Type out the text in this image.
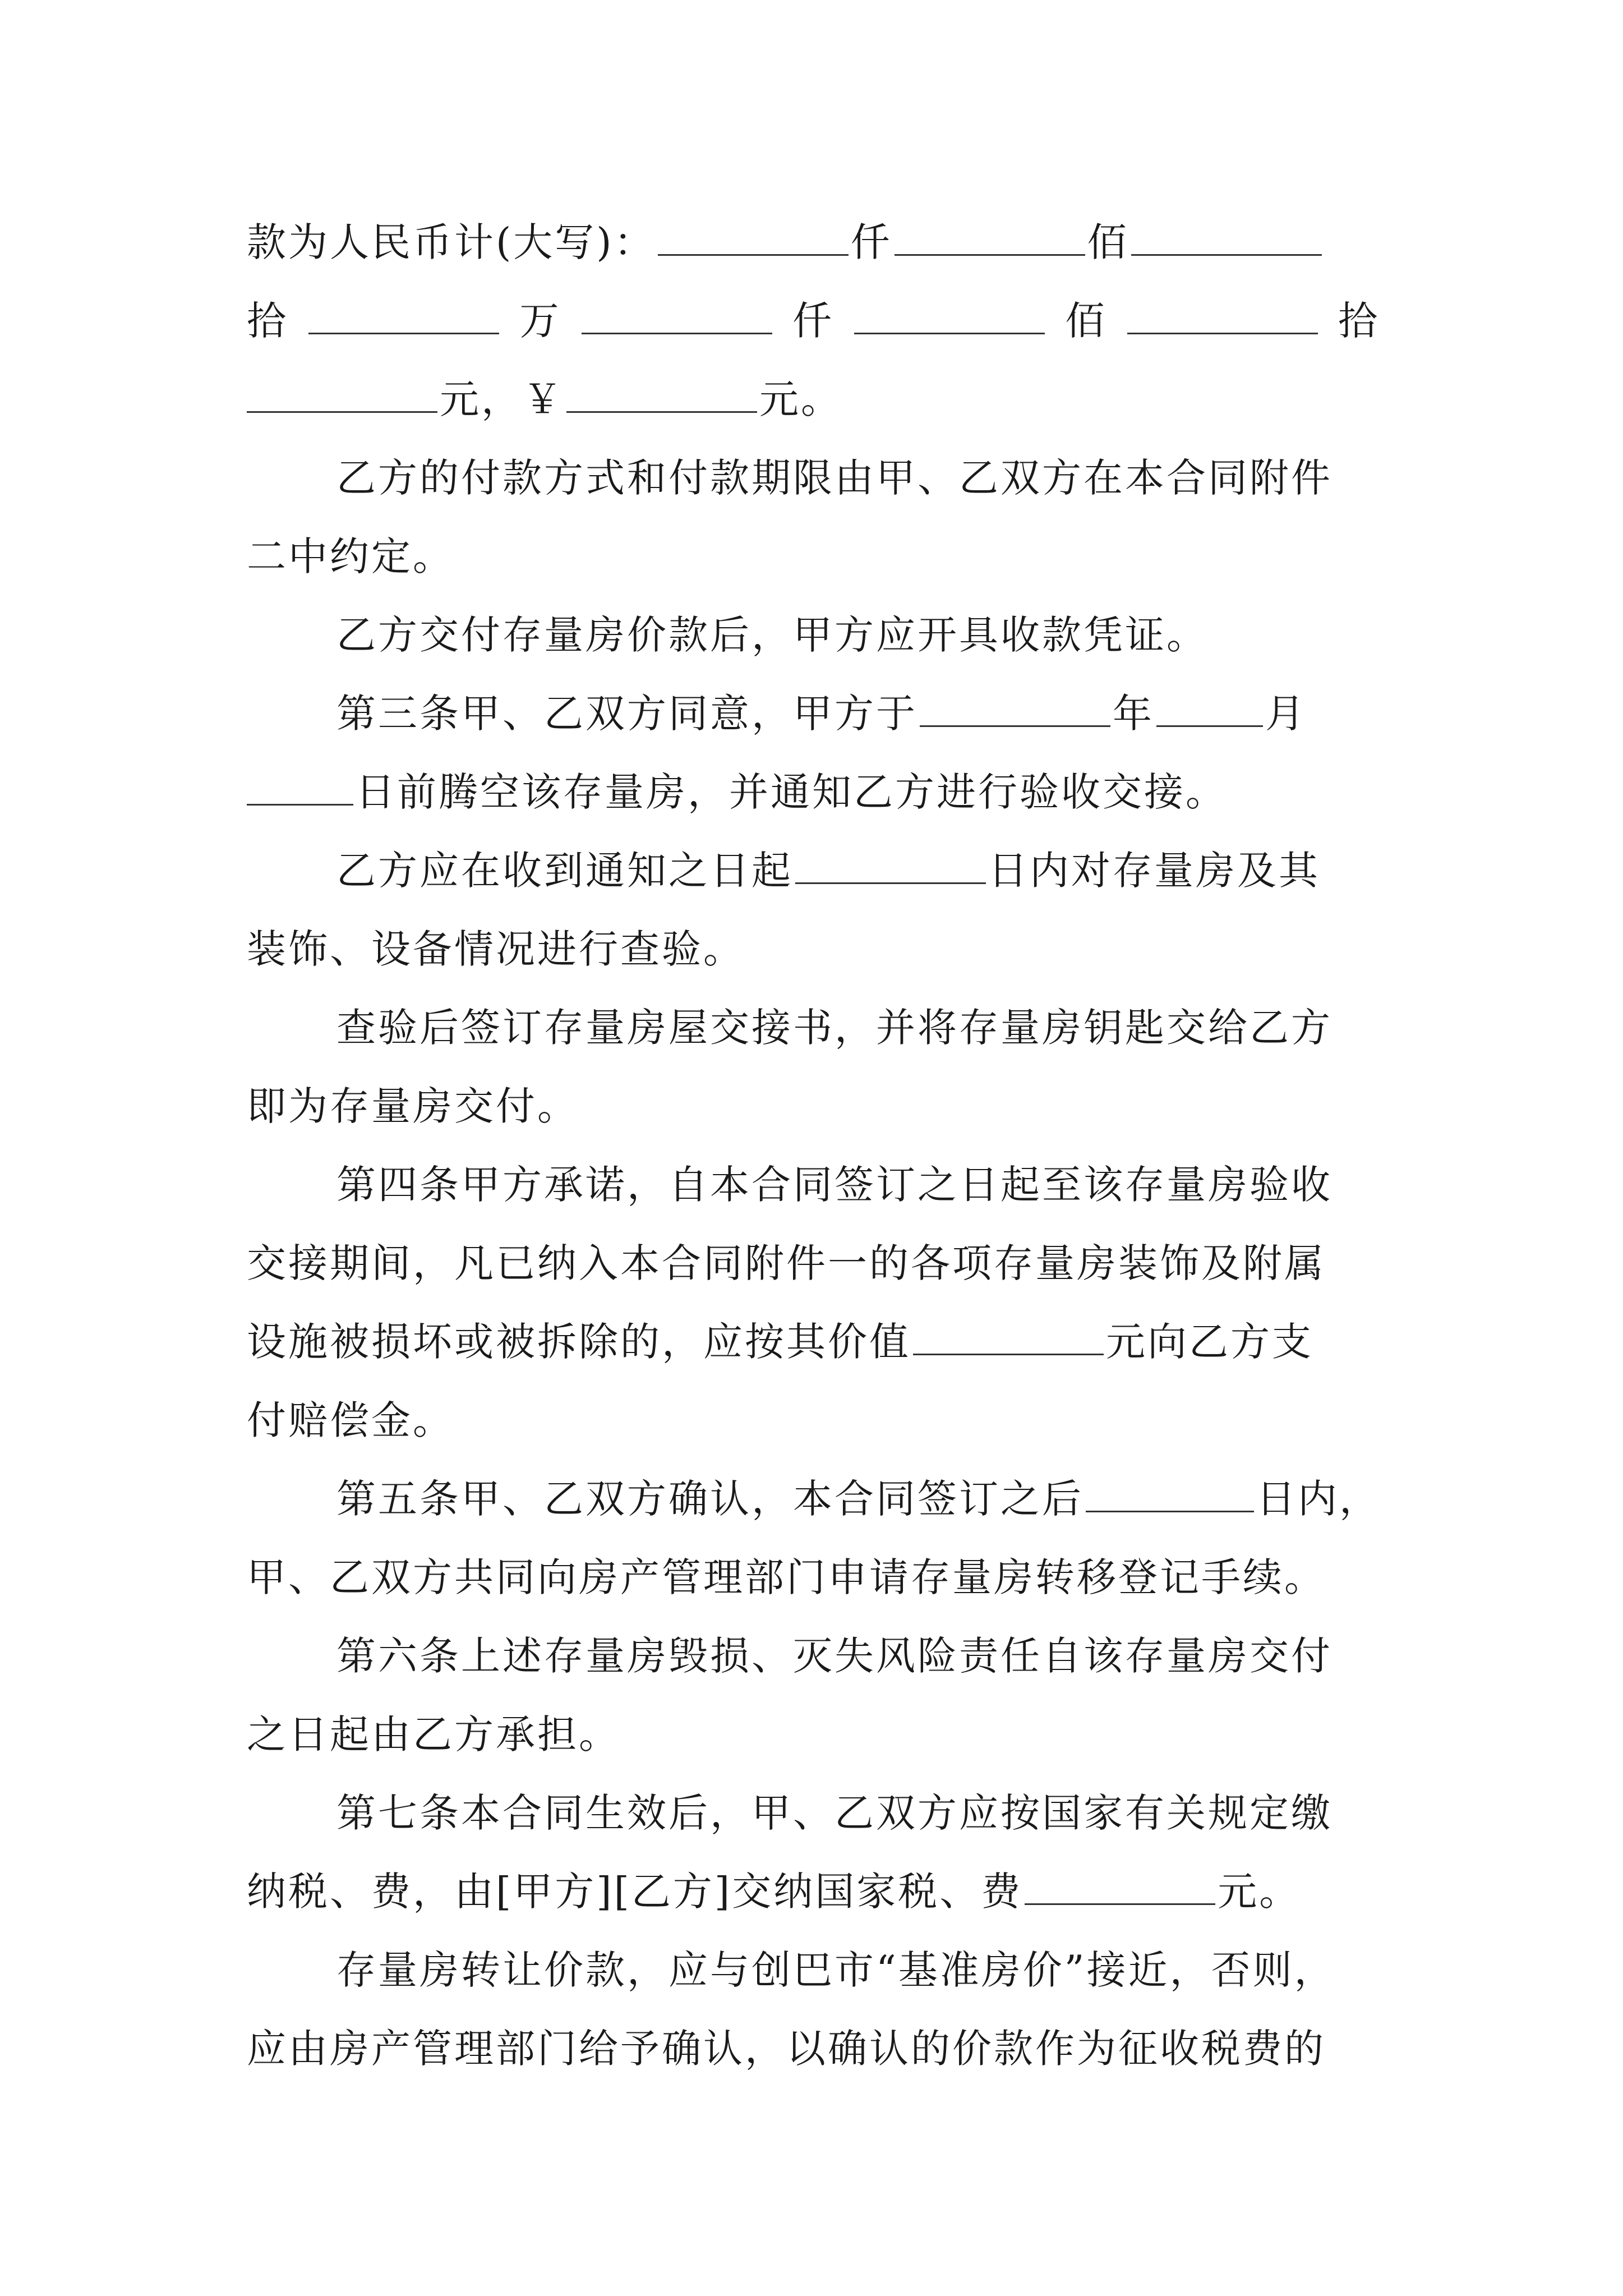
款为人民币计(大写)：	仟	佰
拾	万	仟	佰	拾
元，￥	元。
乙方的付款方式和付款期限由甲、乙双方在本合同附件
二中约定。
乙方交付存量房价款后，甲方应开具收款凭证。
第三条甲、乙双方同意，甲方于	年	月
日前腾空该存量房，并通知乙方进行验收交接。
乙方应在收到通知之日起	日内对存量房及其
装饰、设备情况进行查验。
查验后签订存量房屋交接书，并将存量房钥匙交给乙方
即为存量房交付。
第四条甲方承诺，自本合同签订之日起至该存量房验收
交接期间，凡已纳入本合同附件一的各项存量房装饰及附属
设施被损坏或被拆除的，应按其价值	元向乙方支
付赔偿金。
第五条甲、乙双方确认，本合同签订之后	日内，
甲、乙双方共同向房产管理部门申请存量房转移登记手续。
第六条上述存量房毁损、灭失风险责任自该存量房交付
之日起由乙方承担。
第七条本合同生效后，甲、乙双方应按国家有关规定缴
纳税、费，由[甲方][乙方]交纳国家税、费	元。
存量房转让价款，应与创巴市“基准房价”接近，否则，
应由房产管理部门给予确认，以确认的价款作为征收税费的
